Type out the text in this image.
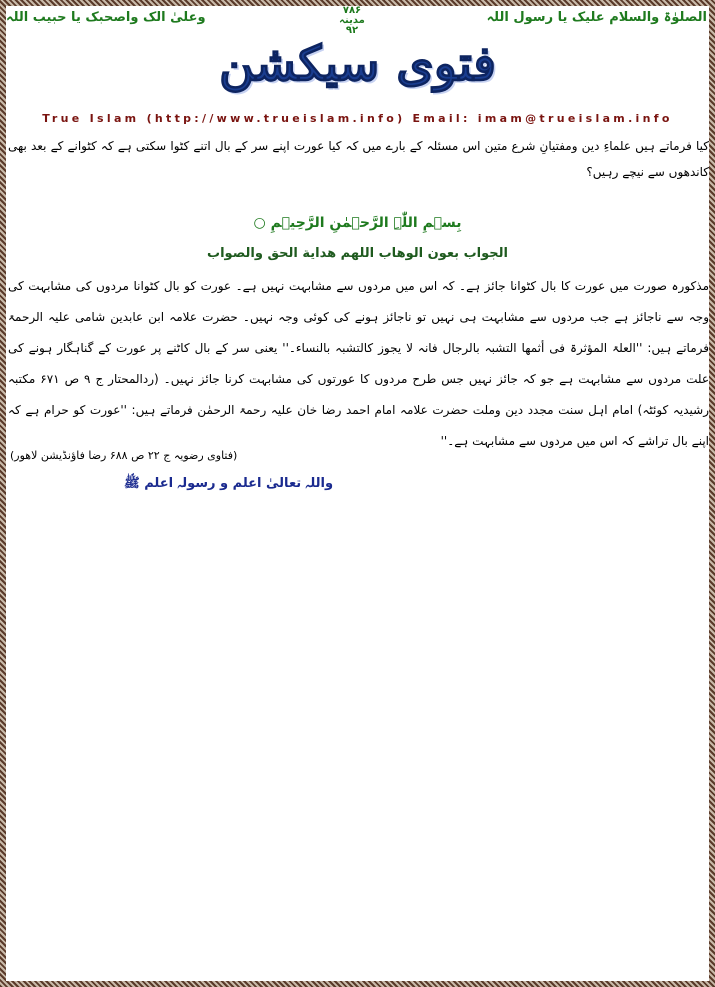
الصلوٰۃ والسلام علیک یا رسول اللہ
۷۸۶
مدینہ
۹۲
وعلیٰ الک واصحبک یا حبیب اللہ
فتوی سیکشن
True Islam (http://www.trueislam.info) Email: imam@trueislam.info
کیا فرماتے ہیں علماءِ دین ومفتیانِ شرع متین اس مسئلہ کے بارے میں کہ کیا عورت اپنے سر کے بال اتنے کٹوا سکتی ہے کہ کٹوانے کے بعد بھی کاندھوں سے نیچے رہیں؟
بِسۡمِ اللّٰہِ الرَّحۡمٰنِ الرَّحِیۡمِ ○
الجواب بعون الوهاب اللهم هداية الحق والصواب
مذکورہ صورت میں عورت کا بال کٹوانا جائز ہے۔ کہ اس میں مردوں سے مشابہت نہیں ہے۔ عورت کو بال کٹوانا مردوں کی مشابہت کی وجہ سے ناجائز ہے جب مردوں سے مشابہت ہی نہیں تو ناجائز ہونے کی کوئی وجہ نہیں۔ حضرت علامہ ابن عابدین شامی علیہ الرحمۃ فرماتے ہیں: ''العلۃ المؤثرۃ فی أثمھا التشبہ بالرجال فانہ لا یجوز کالتشبہ بالنساء۔'' یعنی سر کے بال کاٹنے پر عورت کے گناہگار ہونے کی علت مردوں سے مشابہت ہے جو کہ جائز نہیں جس طرح مردوں کا عورتوں کی مشابہت کرنا جائز نہیں۔ (ردالمحتار ج ۹ ص ۶۷۱ مکتبہ رشیدیہ کوئٹہ) امام اہل سنت مجدد دین وملت حضرت علامہ امام احمد رضا خان علیہ رحمۃ الرحمٰن فرماتے ہیں: ''عورت کو حرام ہے کہ اپنے بال تراشے کہ اس میں مردوں سے مشابہت ہے۔''
(فتاوی رضویہ ج ۲۲ ص ۶۸۸ رضا فاؤنڈیشن لاھور)
واللہ تعالیٰ اعلم و رسولہ اعلم ﷺ
